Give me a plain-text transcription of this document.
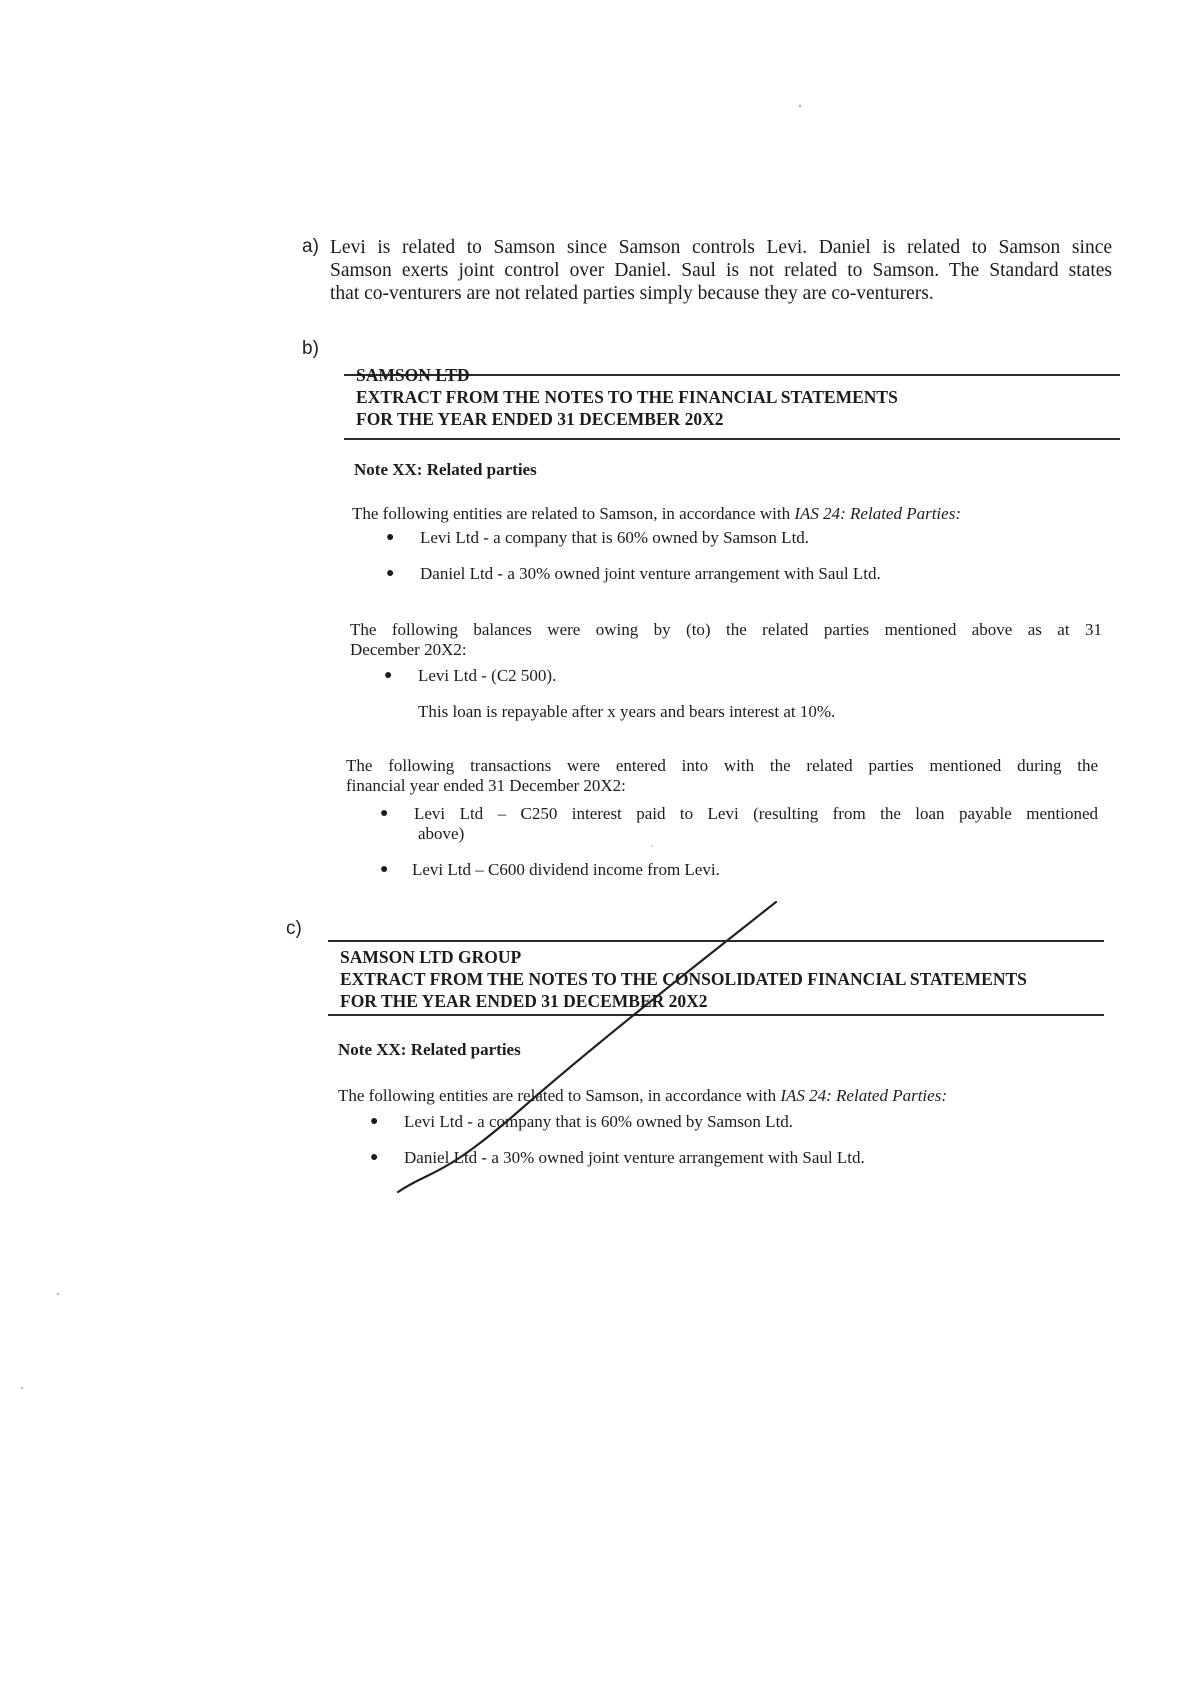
a) Levi is related to Samson since Samson controls Levi. Daniel is related to Samson since
Samson exerts joint control over Daniel. Saul is not related to Samson. The Standard states
that co-venturers are not related parties simply because they are co-venturers.
b)
SAMSON LTD
EXTRACT FROM THE NOTES TO THE FINANCIAL STATEMENTS
FOR THE YEAR ENDED 31 DECEMBER 20X2
Note XX: Related parties
The following entities are related to Samson, in accordance with IAS 24: Related Parties:
● Levi Ltd - a company that is 60% owned by Samson Ltd.
● Daniel Ltd - a 30% owned joint venture arrangement with Saul Ltd.
The following balances were owing by (to) the related parties mentioned above as at 31
December 20X2:
● Levi Ltd - (C2 500).
This loan is repayable after x years and bears interest at 10%.
The following transactions were entered into with the related parties mentioned during the
financial year ended 31 December 20X2:
● Levi Ltd – C250 interest paid to Levi (resulting from the loan payable mentioned
above)
● Levi Ltd – C600 dividend income from Levi.
c)
SAMSON LTD GROUP
EXTRACT FROM THE NOTES TO THE CONSOLIDATED FINANCIAL STATEMENTS
FOR THE YEAR ENDED 31 DECEMBER 20X2
Note XX: Related parties
The following entities are related to Samson, in accordance with IAS 24: Related Parties:
● Levi Ltd - a company that is 60% owned by Samson Ltd.
● Daniel Ltd - a 30% owned joint venture arrangement with Saul Ltd.
